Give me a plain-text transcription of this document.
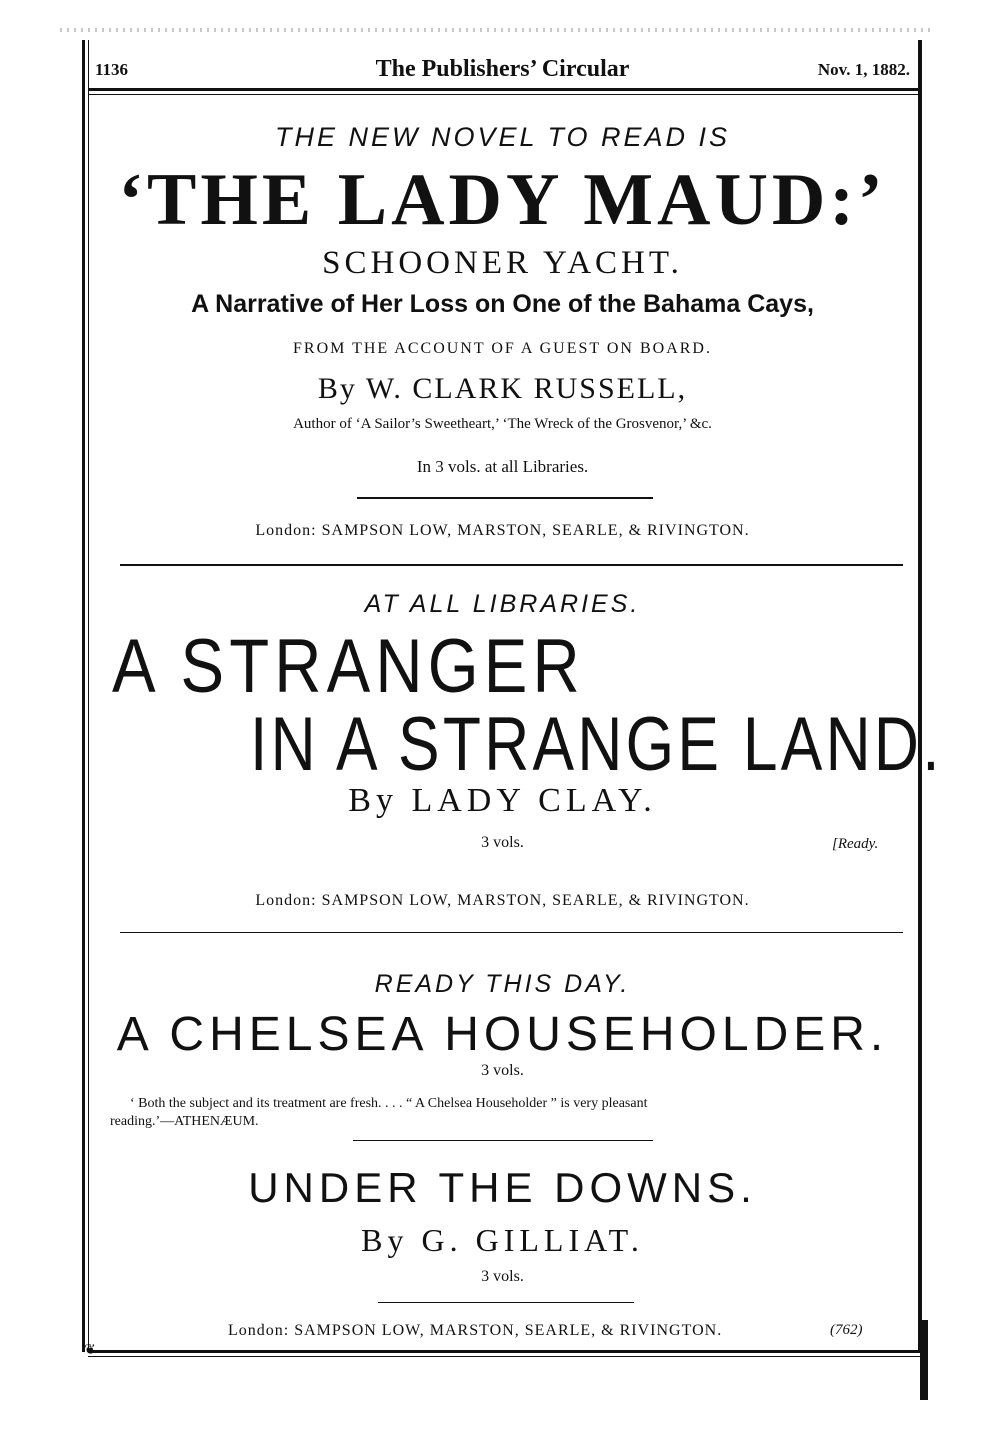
1136	The Publishers’ Circular	Nov. 1, 1882.
THE NEW NOVEL TO READ IS
‘THE LADY MAUD:’
SCHOONER YACHT.
A Narrative of Her Loss on One of the Bahama Cays,
FROM THE ACCOUNT OF A GUEST ON BOARD.
By W. CLARK RUSSELL,
Author of ‘A Sailor’s Sweetheart,’ ‘The Wreck of the Grosvenor,’ &c.
In 3 vols. at all Libraries.
London: SAMPSON LOW, MARSTON, SEARLE, & RIVINGTON.
AT ALL LIBRARIES.
A STRANGER
IN A STRANGE LAND.
By LADY CLAY.
3 vols.	[Ready.
London: SAMPSON LOW, MARSTON, SEARLE, & RIVINGTON.
READY THIS DAY.
A CHELSEA HOUSEHOLDER.
3 vols.
‘ Both the subject and its treatment are fresh. . . . “ A Chelsea Householder ” is very pleasant
reading.’—ATHENÆUM.
UNDER THE DOWNS.
By G. GILLIAT.
3 vols.
London: SAMPSON LOW, MARSTON, SEARLE, & RIVINGTON.	(762)
❦
